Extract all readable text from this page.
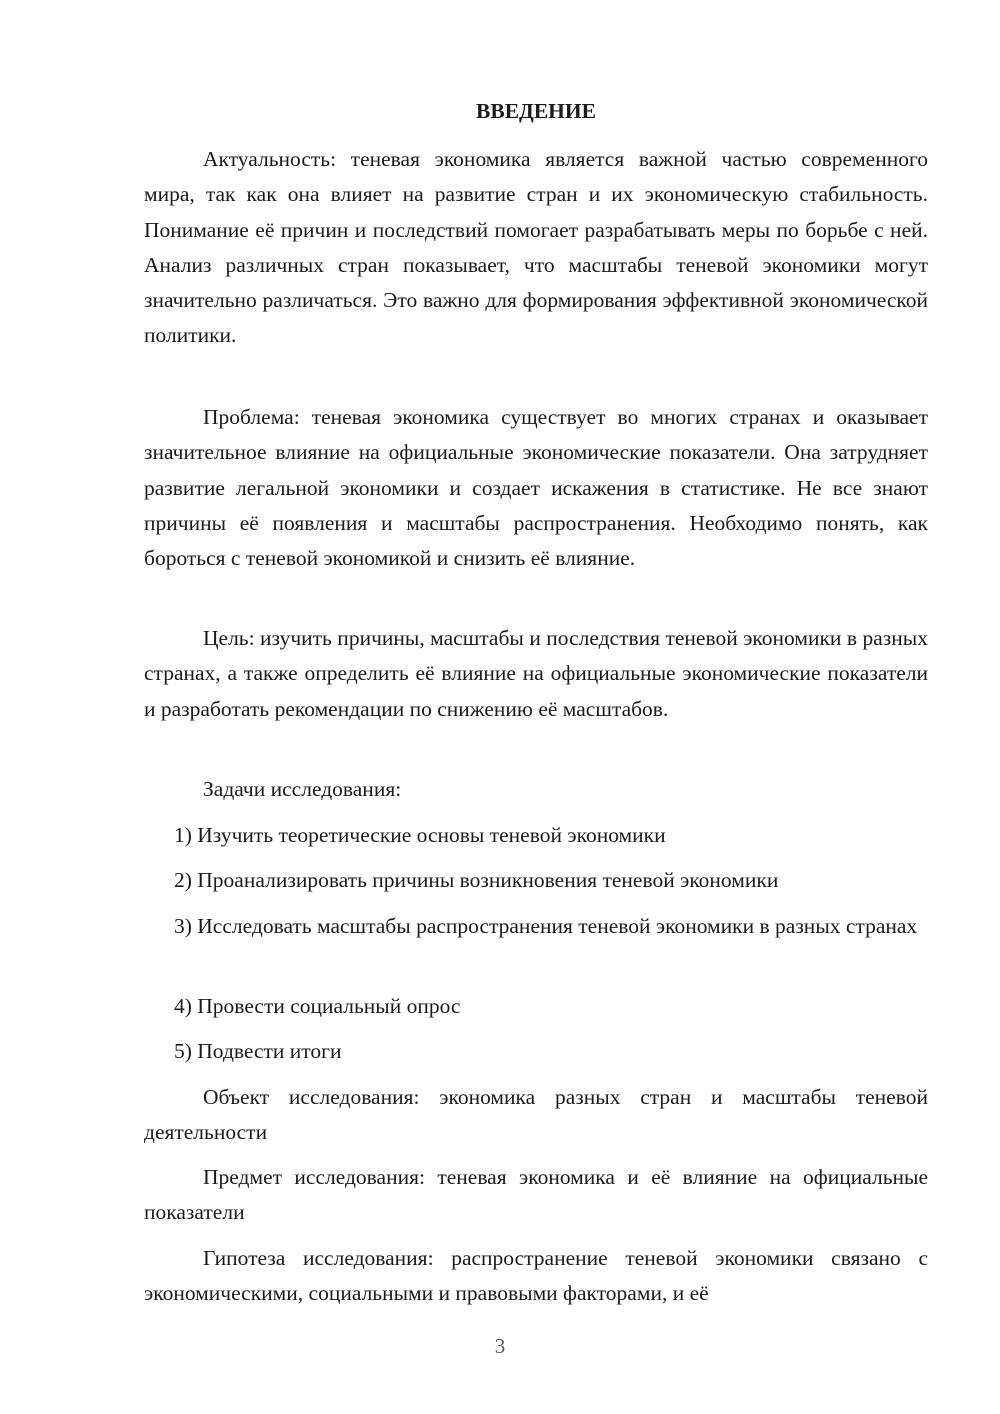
ВВЕДЕНИЕ

Актуальность: теневая экономика является важной частью современного мира, так как она влияет на развитие стран и их экономическую стабильность. Понимание её причин и последствий помогает разрабатывать меры по борьбе с ней. Анализ различных стран показывает, что масштабы теневой экономики могут значительно различаться. Это важно для формирования эффективной экономической политики.

Проблема: теневая экономика существует во многих странах и оказывает значительное влияние на официальные экономические показатели. Она затрудняет развитие легальной экономики и создает искажения в статистике. Не все знают причины её появления и масштабы распространения. Необходимо понять, как бороться с теневой экономикой и снизить её влияние.

Цель: изучить причины, масштабы и последствия теневой экономики в разных странах, а также определить её влияние на официальные экономические показатели и разработать рекомендации по снижению её масштабов.

Задачи исследования:

1) Изучить теоретические основы теневой экономики

2) Проанализировать причины возникновения теневой экономики

3) Исследовать масштабы распространения теневой экономики в разных странах

4) Провести социальный опрос

5) Подвести итоги

Объект исследования: экономика разных стран и масштабы теневой деятельности

Предмет исследования: теневая экономика и её влияние на официальные показатели

Гипотеза исследования: распространение теневой экономики связано с экономическими, социальными и правовыми факторами, и её

3
